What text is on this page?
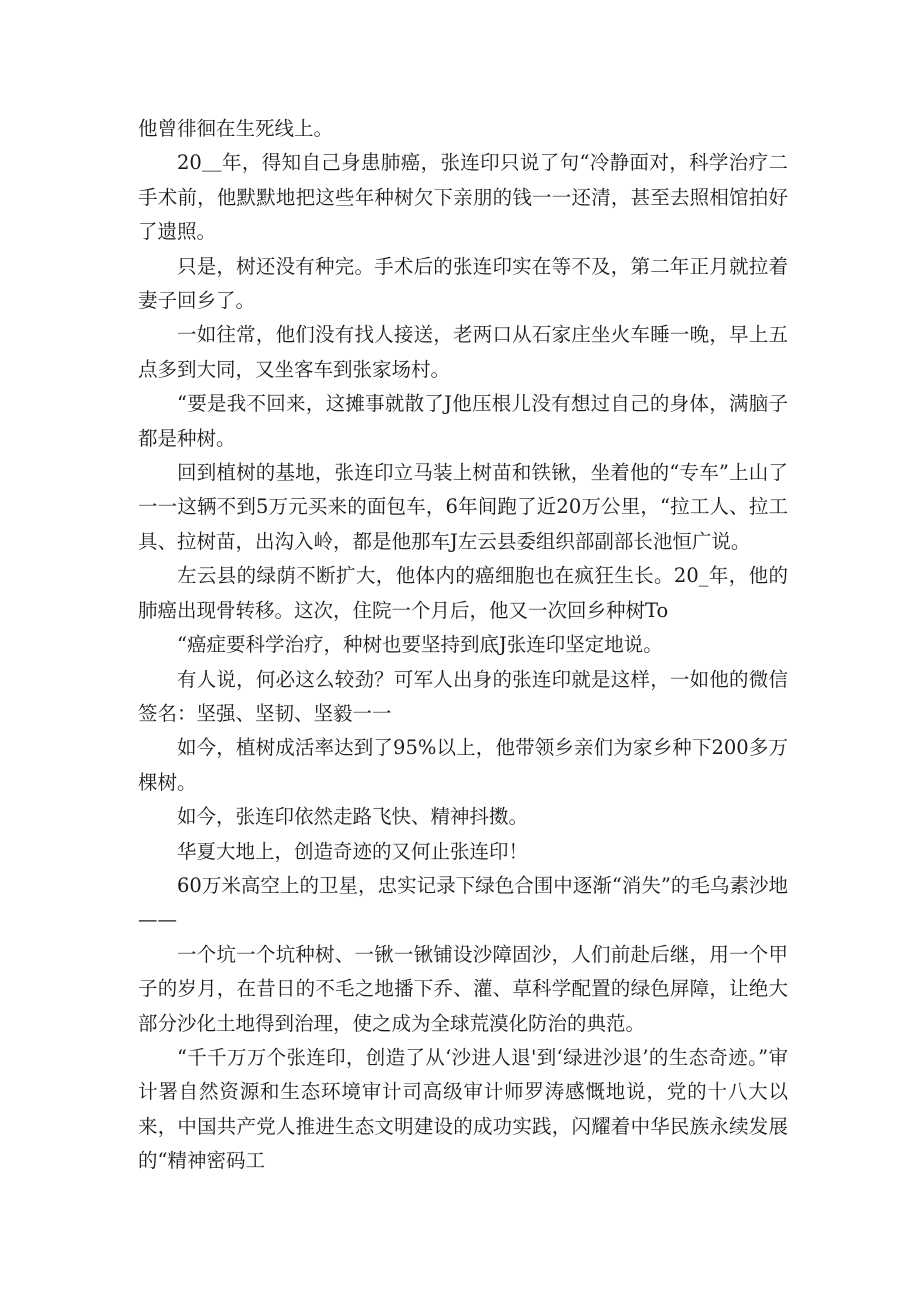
他曾徘徊在生死线上。

20＿年，得知自己身患肺癌，张连印只说了句“冷静面对，科学治疗二手术前，他默默地把这些年种树欠下亲朋的钱一一还清，甚至去照相馆拍好了遗照。

只是，树还没有种完。手术后的张连印实在等不及，第二年正月就拉着妻子回乡了。

一如往常，他们没有找人接送，老两口从石家庄坐火车睡一晚，早上五点多到大同，又坐客车到张家场村。

“要是我不回来，这摊事就散了J他压根儿没有想过自己的身体，满脑子都是种树。

回到植树的基地，张连印立马装上树苗和铁锹，坐着他的“专车”上山了一一这辆不到5万元买来的面包车，6年间跑了近20万公里，“拉工人、拉工具、拉树苗，出沟入岭，都是他那车J左云县委组织部副部长池恒广说。

左云县的绿荫不断扩大，他体内的癌细胞也在疯狂生长。20_年，他的肺癌出现骨转移。这次，住院一个月后，他又一次回乡种树To

“癌症要科学治疗，种树也要坚持到底J张连印坚定地说。

有人说，何必这么较劲？可军人出身的张连印就是这样，一如他的微信签名：坚强、坚韧、坚毅一一

如今，植树成活率达到了95%以上，他带领乡亲们为家乡种下200多万棵树。

如今，张连印依然走路飞快、精神抖擞。

华夏大地上，创造奇迹的又何止张连印！

60万米高空上的卫星，忠实记录下绿色合围中逐渐“消失”的毛乌素沙地——

一个坑一个坑种树、一锹一锹铺设沙障固沙，人们前赴后继，用一个甲子的岁月，在昔日的不毛之地播下乔、灌、草科学配置的绿色屏障，让绝大部分沙化土地得到治理，使之成为全球荒漠化防治的典范。

“千千万万个张连印，创造了从‘沙进人退'到‘绿进沙退’的生态奇迹。”审计署自然资源和生态环境审计司高级审计师罗涛感慨地说，党的十八大以来，中国共产党人推进生态文明建设的成功实践，闪耀着中华民族永续发展的“精神密码工
